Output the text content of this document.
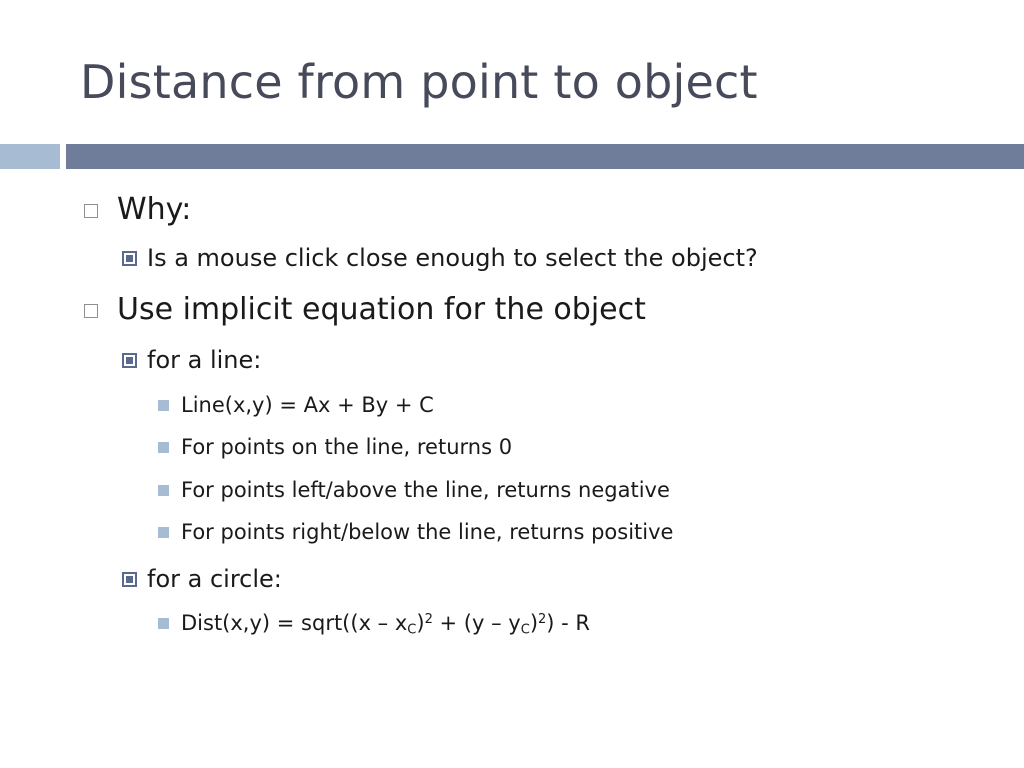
Distance from point to object
Why:
Is a mouse click close enough to select the object?
Use implicit equation for the object
for a line:
Line(x,y) = Ax + By + C
For points on the line, returns 0
For points left/above the line, returns negative
For points right/below the line, returns positive
for a circle:
Dist(x,y) = sqrt((x – $x_C)^2 + (y - y_C)^2) - R$
